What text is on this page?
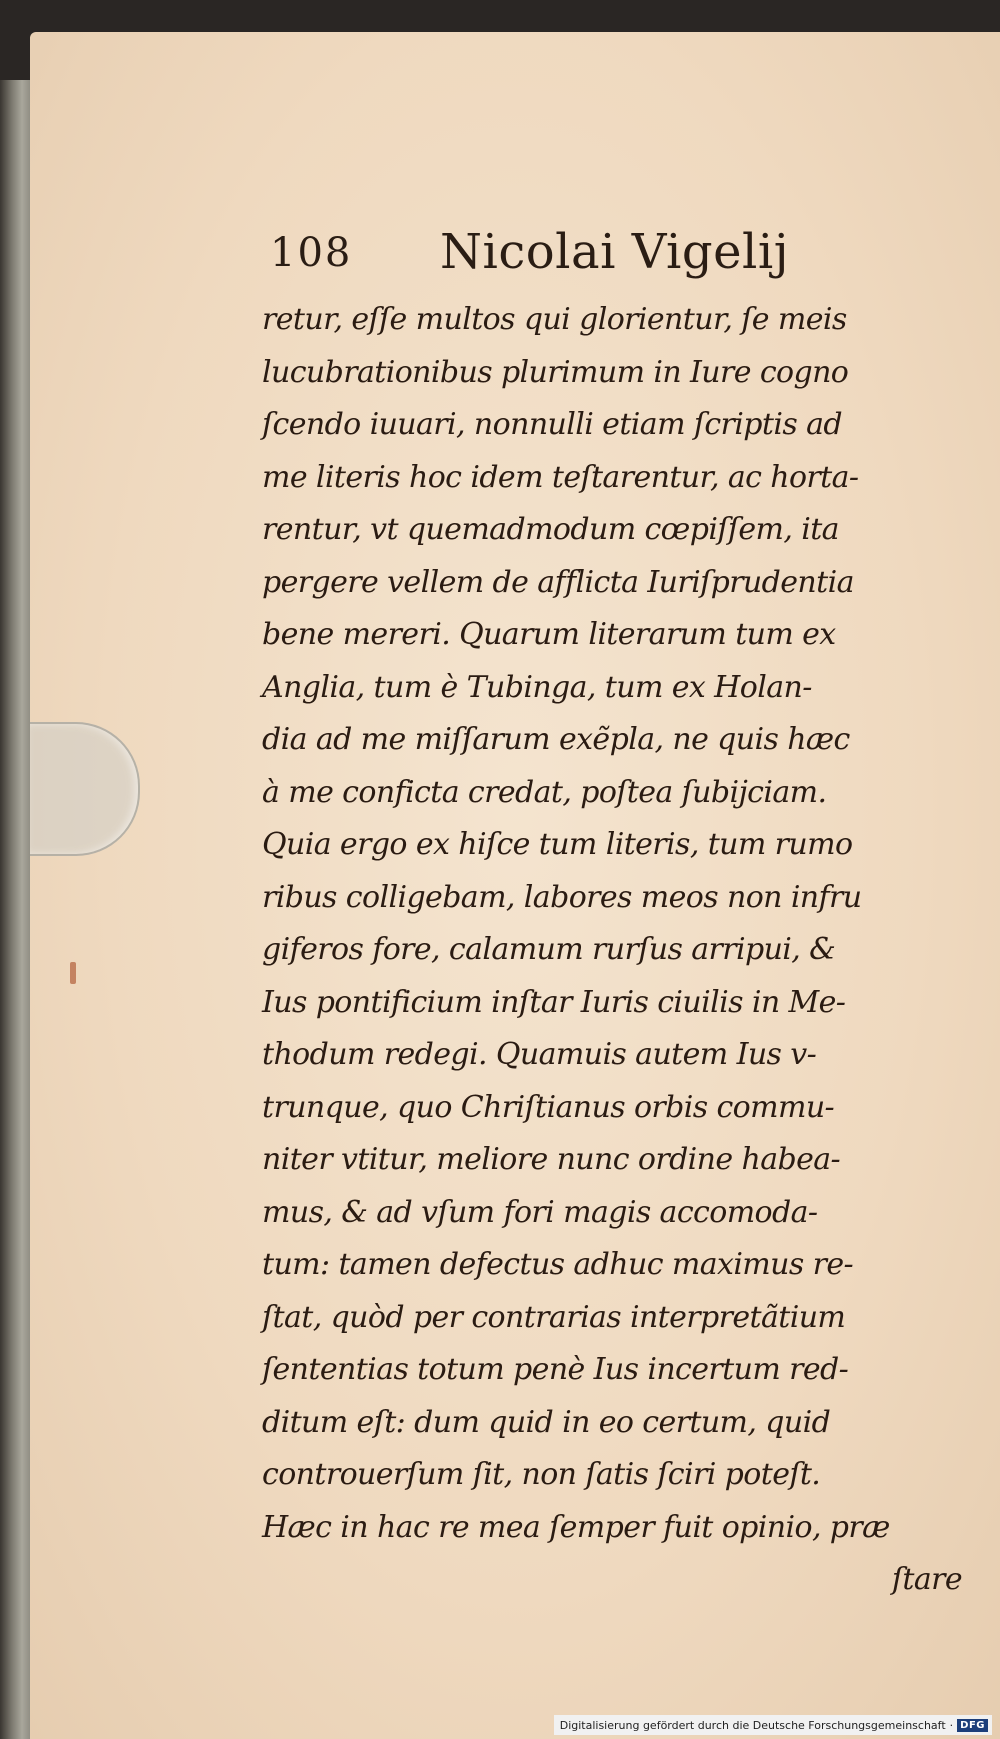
108 Nicolai Vigelij
retur, eſſe multos qui glorientur, ſe meis
lucubrationibus plurimum in Iure cogno
ſcendo iuuari, nonnulli etiam ſcriptis ad
me literis hoc idem teſtarentur, ac horta-
rentur, vt quemadmodum cœpiſſem, ita
pergere vellem de afflicta Iuriſprudentia
bene mereri. Quarum literarum tum ex
Anglia, tum è Tubinga, tum ex Holan-
dia ad me miſſarum exẽpla, ne quis hæc
à me conficta credat, poſtea ſubijciam.
Quia ergo ex hiſce tum literis, tum rumo
ribus colligebam, labores meos non infru
giferos fore, calamum rurſus arripui, &
Ius pontificium inſtar Iuris ciuilis in Me-
thodum redegi. Quamuis autem Ius v-
trunque, quo Chriſtianus orbis commu-
niter vtitur, meliore nunc ordine habea-
mus, & ad vſum fori magis accomoda-
tum: tamen defectus adhuc maximus re-
ſtat, quòd per contrarias interpretãtium
ſententias totum penè Ius incertum red-
ditum eſt: dum quid in eo certum, quid
controuerſum ſit, non ſatis ſciri poteſt.
Hæc in hac re mea ſemper fuit opinio, præ
ſtare
Digitalisierung gefördert durch die Deutsche Forschungsgemeinschaft · DFG
